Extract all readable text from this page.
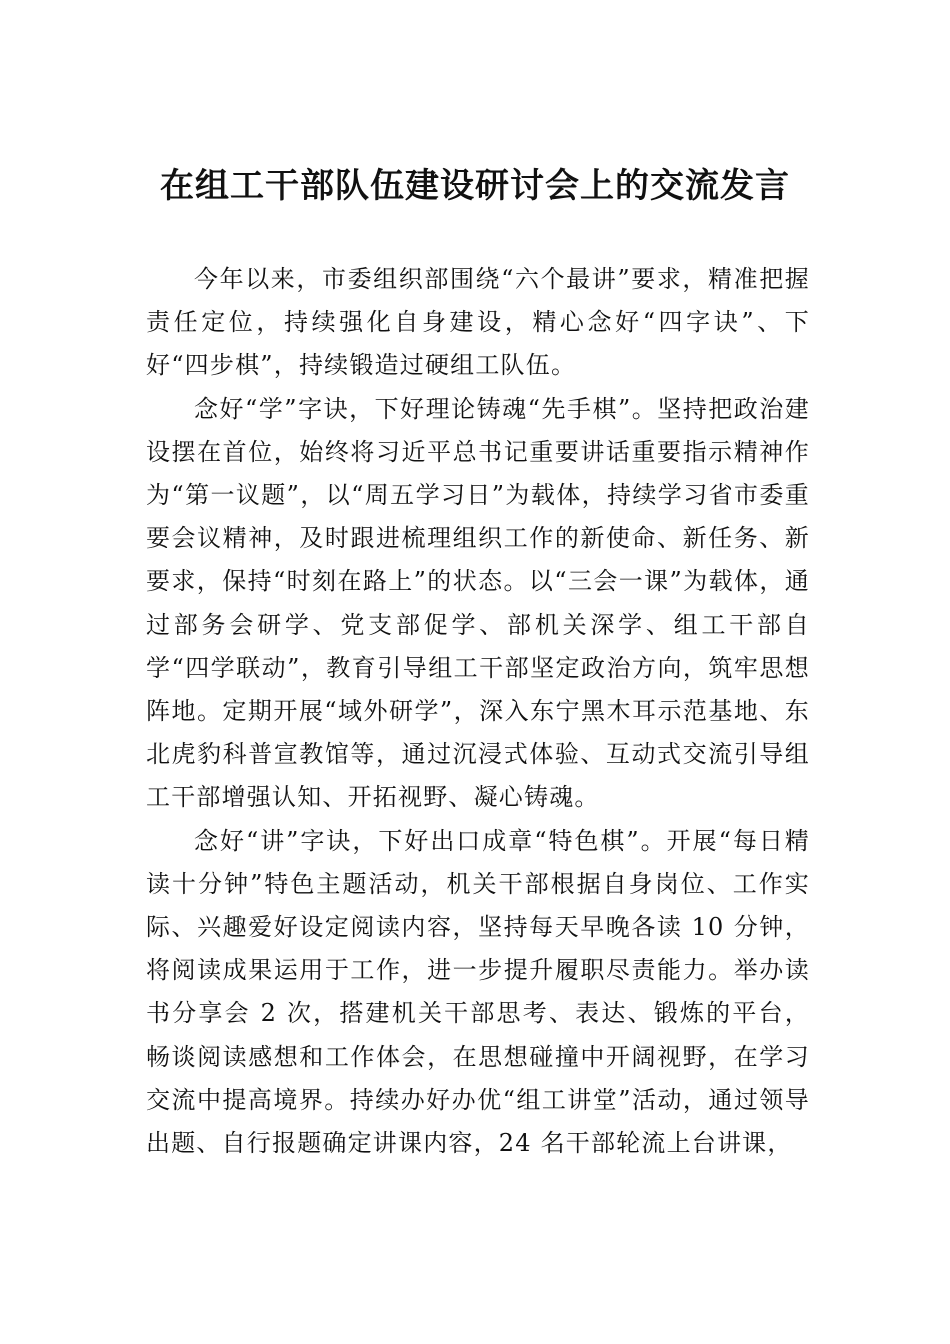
在组工干部队伍建设研讨会上的交流发言

今年以来，市委组织部围绕“六个最讲”要求，精准把握责任定位，持续强化自身建设，精心念好“四字诀”、下好“四步棋”，持续锻造过硬组工队伍。

念好“学”字诀，下好理论铸魂“先手棋”。坚持把政治建设摆在首位，始终将习近平总书记重要讲话重要指示精神作为“第一议题”，以“周五学习日”为载体，持续学习省市委重要会议精神，及时跟进梳理组织工作的新使命、新任务、新要求，保持“时刻在路上”的状态。以“三会一课”为载体，通过部务会研学、党支部促学、部机关深学、组工干部自学“四学联动”，教育引导组工干部坚定政治方向，筑牢思想阵地。定期开展“域外研学”，深入东宁黑木耳示范基地、东北虎豹科普宣教馆等，通过沉浸式体验、互动式交流引导组工干部增强认知、开拓视野、凝心铸魂。

念好“讲”字诀，下好出口成章“特色棋”。开展“每日精读十分钟”特色主题活动，机关干部根据自身岗位、工作实际、兴趣爱好设定阅读内容，坚持每天早晚各读 10 分钟，将阅读成果运用于工作，进一步提升履职尽责能力。举办读书分享会 2 次，搭建机关干部思考、表达、锻炼的平台，畅谈阅读感想和工作体会，在思想碰撞中开阔视野，在学习交流中提高境界。持续办好办优“组工讲堂”活动，通过领导出题、自行报题确定讲课内容，24 名干部轮流上台讲课，
